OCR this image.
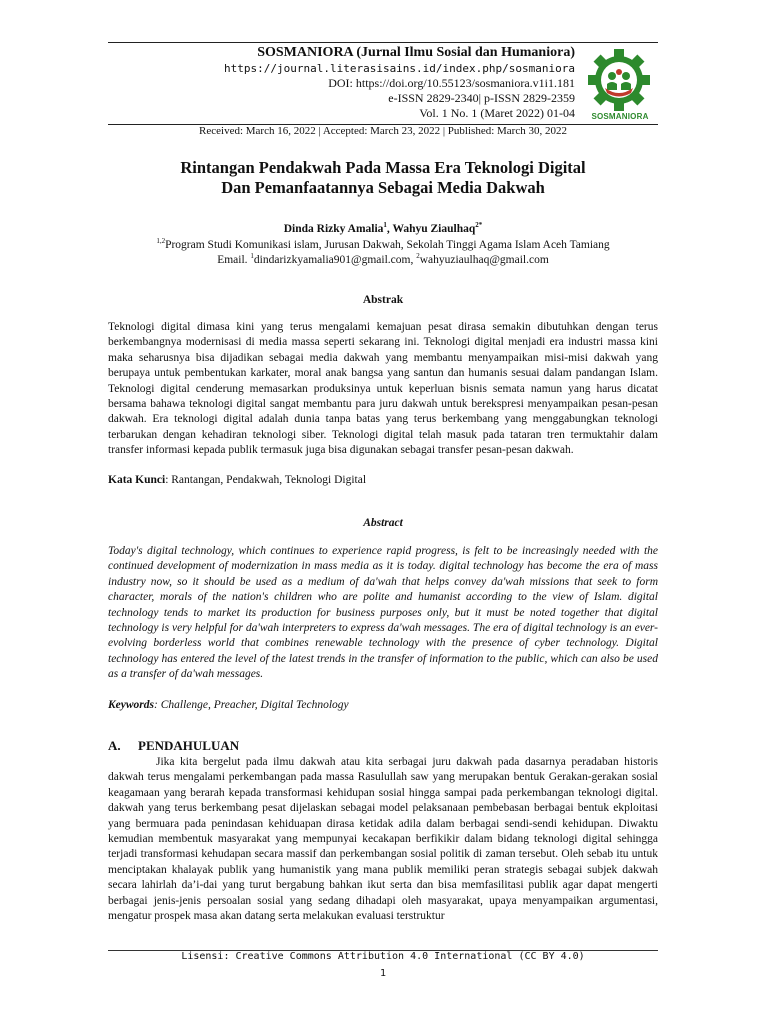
SOSMANIORA (Jurnal Ilmu Sosial dan Humaniora)
https://journal.literasisains.id/index.php/sosmaniora
DOI: https://doi.org/10.55123/sosmaniora.v1i1.181
e-ISSN 2829-2340| p-ISSN 2829-2359
Vol. 1 No. 1 (Maret 2022) 01-04	SOSMANIORA
Received: March 16, 2022 | Accepted: March 23, 2022 | Published: March 30, 2022
Rintangan Pendakwah Pada Massa Era Teknologi Digital
Dan Pemanfaatannya Sebagai Media Dakwah
Dinda Rizky Amalia$^1$, Wahyu Ziaulhaq$^{2*}$
$^{1,2}$Program Studi Komunikasi islam, Jurusan Dakwah, Sekolah Tinggi Agama Islam Aceh Tamiang
Email. $^1$dindarizkyamalia901@gmail.com, $^2$wahyuziaulhaq@gmail.com
Abstrak
Teknologi digital dimasa kini yang terus mengalami kemajuan pesat dirasa semakin dibutuhkan dengan terus berkembangnya modernisasi di media massa seperti sekarang ini. Teknologi digital menjadi era industri massa kini maka seharusnya bisa dijadikan sebagai media dakwah yang membantu menyampaikan misi-misi dakwah yang berupaya untuk pembentukan karkater, moral anak bangsa yang santun dan humanis sesuai dalam pandangan Islam. Teknologi digital cenderung memasarkan produksinya untuk keperluan bisnis semata namun yang harus dicatat bersama bahawa teknologi digital sangat membantu para juru dakwah untuk berekspresi menyampaikan pesan-pesan dakwah. Era teknologi digital adalah dunia tanpa batas yang terus berkembang yang menggabungkan teknologi terbarukan dengan kehadiran teknologi siber. Teknologi digital telah masuk pada tataran tren termuktahir dalam transfer informasi kepada publik termasuk juga bisa digunakan sebagai transfer pesan-pesan dakwah.
Kata Kunci: Rantangan, Pendakwah, Teknologi Digital
Abstract
Today's digital technology, which continues to experience rapid progress, is felt to be increasingly needed with the continued development of modernization in mass media as it is today. digital technology has become the era of mass industry now, so it should be used as a medium of da'wah that helps convey da'wah missions that seek to form character, morals of the nation's children who are polite and humanist according to the view of Islam. digital technology tends to market its production for business purposes only, but it must be noted together that digital technology is very helpful for da'wah interpreters to express da'wah messages. The era of digital technology is an ever-evolving borderless world that combines renewable technology with the presence of cyber technology. Digital technology has entered the level of the latest trends in the transfer of information to the public, which can also be used as a transfer of da'wah messages.
Keywords: Challenge, Preacher, Digital Technology
A. PENDAHULUAN
Jika kita bergelut pada ilmu dakwah atau kita serbagai juru dakwah pada dasarnya peradaban historis dakwah terus mengalami perkembangan pada massa Rasulullah saw yang merupakan bentuk Gerakan-gerakan sosial keagamaan yang berarah kepada transformasi kehidupan sosial hingga sampai pada perkembangan teknologi digital. dakwah yang terus berkembang pesat dijelaskan sebagai model pelaksanaan pembebasan berbagai bentuk ekploitasi yang bermuara pada penindasan kehiduapan dirasa ketidak adila dalam berbagai sendi-sendi kehidupan. Diwaktu kemudian membentuk masyarakat yang mempunyai kecakapan berfikikir dalam bidang teknologi digital sehingga terjadi transformasi kehudapan secara massif dan perkembangan sosial politik di zaman tersebut. Oleh sebab itu untuk menciptakan khalayak publik yang humanistik yang mana publik memiliki peran strategis sebagai subjek dakwah secara lahirlah da’i-dai yang turut bergabung bahkan ikut serta dan bisa memfasilitasi publik agar dapat mengerti berbagai jenis-jenis persoalan sosial yang sedang dihadapi oleh masyarakat, upaya menyampaikan argumentasi, mengatur prospek masa akan datang serta melakukan evaluasi terstruktur
Lisensi: Creative Commons Attribution 4.0 International (CC BY 4.0)
1
